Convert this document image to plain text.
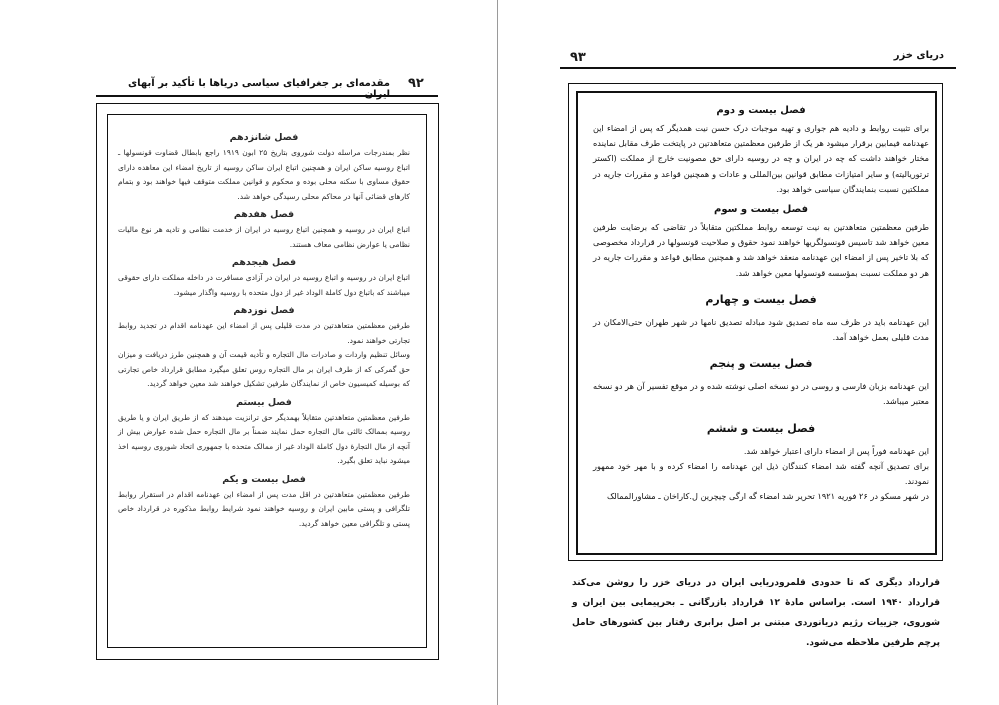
مقدمه‌ای بر جغرافیای سیاسی دریاها با تأکید بر آبهای ایران
۹۲

فصل شانزدهم

نظر بمندرجات مراسله دولت شوروی بتاریخ ۲۵ ابون ۱۹۱۹ راجع بابطال قضاوت قونسولها ـ اتباع روسیه ساکن ایران و همچنین اتباع ایران ساکن روسیه از تاریخ امضاء این معاهده دارای حقوق مساوی با سکنه محلی بوده و محکوم و قوانین مملکت متوقف فیها خواهند بود و بتمام کارهای قضائی آنها در محاکم محلی رسیدگی خواهد شد.

فصل هفدهم

اتباع ایران در روسیه و همچنین اتباع روسیه در ایران از خدمت نظامی و تادیه هر نوع مالیات نظامی یا عوارض نظامی معاف هستند.

فصل هیجدهم

اتباع ایران در روسیه و اتباع روسیه در ایران در آزادی مسافرت در داخله مملکت دارای حقوقی میباشند که باتباع دول کاملة الوداد غیر از دول متحده با روسیه واگذار میشود.

فصل نوزدهم

طرفین معظمتین متعاهدتین در مدت قلیلی پس از امضاء این عهدنامه اقدام در تجدید روابط تجارتی خواهند نمود.

وسائل تنظیم واردات و صادرات مال التجاره و تأدیه قیمت آن و همچنین طرز دریافت و میزان حق گمرکی که از طرف ایران بر مال التجاره روس تعلق میگیرد مطابق قرارداد خاص تجارتی که بوسیله کمیسیون خاص از نمایندگان طرفین تشکیل خواهند شد معین خواهد گردید.

فصل بیستم

طرفین معظمتین متعاهدتین متقابلاً بهمدیگر حق ترانزیت میدهند که از طریق ایران و یا طریق روسیه بممالک ثالثی مال التجاره حمل نمایند ضمناً بر مال التجاره حمل شده عوارض بیش از آنچه از مال التجارهٔ دول کاملة الوداد غیر از ممالک متحده با جمهوری اتحاد شوروی روسیه اخذ میشود نباید تعلق بگیرد.

فصل بیست و یکم

طرفین معظمتین متعاهدتین در اقل مدت پس از امضاء این عهدنامه اقدام در استقرار روابط تلگرافی و پستی مابین ایران و روسیه خواهند نمود شرایط روابط مذکوره در قرارداد خاص پستی و تلگرافی معین خواهد گردید.

۹۳	دریای خزر

فصل بیست و دوم

برای تثبیت روابط و دادیه هم جواری و تهیه موجبات درک حسن نیت همدیگر که پس از امضاء این عهدنامه فیمابین برقرار میشود هر یک از طرفین معظمتین متعاهدتین در پایتخت طرف مقابل نماینده مختار خواهند داشت که چه در ایران و چه در روسیه دارای حق مصونیت خارج از مملکت (اکستر ترتوریالیته) و سایر امتیازات مطابق قوانین بین‌المللی و عادات و همچنین قواعد و مقررات جاریه در مملکتین نسبت بنمایندگان سیاسی خواهد بود.

فصل بیست و سوم

طرفین معظمتین متعاهدتین به نیت توسعه روابط مملکتین متقابلاً در تقاضی که برضایت طرفین معین خواهد شد تاسیس قونسولگریها خواهند نمود حقوق و صلاحیت قونسولها در قرارداد مخصوصی که بلا تاخیر پس از امضاء این عهدنامه منعقد خواهد شد و همچنین مطابق قواعد و مقررات جاریه در هر دو مملکت نسبت بمؤسسه قونسولها معین خواهد شد.

فصل بیست و چهارم

این عهدنامه باید در ظرف سه ماه تصدیق شود مبادله تصدیق نامها در شهر طهران حتی‌الامکان در مدت قلیلی بعمل خواهد آمد.

فصل بیست و پنجم

این عهدنامه بزبان فارسی و روسی در دو نسخه اصلی نوشته شده و در موقع تفسیر آن هر دو نسخه معتبر میباشد.

فصل بیست و ششم

این عهدنامه فوراً پس از امضاء دارای اعتبار خواهد شد.

برای تصدیق آنچه گفته شد امضاء کنندگان ذیل این عهدنامه را امضاء کرده و با مهر خود ممهور نمودند.

در شهر مسکو در ۲۶ فوریه ۱۹۲۱ تحریر شد امضاء گه ارگی چیچرین ل.کاراخان ـ مشاورالممالک

قرارداد دیگری که تا حدودی قلمرودریایی ایران در دریای خزر را روشن می‌کند قرارداد ۱۹۴۰ است. براساس مادهٔ ۱۲ قرارداد بازرگانی ـ بحرپیمایی بین ایران و شوروی، جزییات رژیم دریانوردی مبتنی بر اصل برابری رفتار بین کشورهای حامل پرچم طرفین ملاحظه می‌شود.
